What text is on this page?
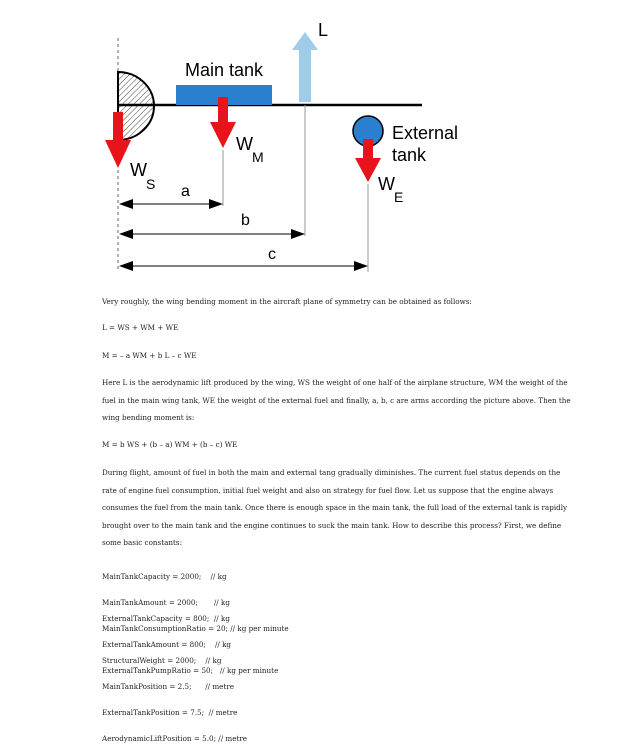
Main tank
L
External
tank
W
S
W
M
W
E
a
b
c
Very roughly, the wing bending moment in the aircraft plane of symmetry can be obtained as follows:
L = WS + WM + WE
M = – a WM + b L – c WE
Here L is the aerodynamic lift produced by the wing, WS the weight of one half of the airplane structure, WM the weight of the fuel in the main wing tank, WE the weight of the external fuel and finally, a, b, c are arms according the picture above. Then the wing bending moment is:
M = b WS + (b – a) WM + (b – c) WE
During flight, amount of fuel in both the main and external tang gradually diminishes. The current fuel status depends on the rate of engine fuel consumption, initial fuel weight and also on strategy for fuel flow. Let us suppose that the engine always consumes the fuel from the main tank. Once there is enough space in the main tank, the full load of the external tank is rapidly brought over to the main tank and the engine continues to suck the main tank. How to describe this process? First, we define some basic constants:

MainTankCapacity = 2000;    // kg

MainTankAmount = 2000;       // kg

MainTankConsumptionRatio = 20; // kg per minute

ExternalTankCapacity = 800;  // kg

ExternalTankAmount = 800;    // kg

ExternalTankPumpRatio = 50;   // kg per minute

StructuralWeight = 2000;    // kg

MainTankPosition = 2.5;      // metre

ExternalTankPosition = 7.5;  // metre

AerodynamicLiftPosition = 5.0; // metre
